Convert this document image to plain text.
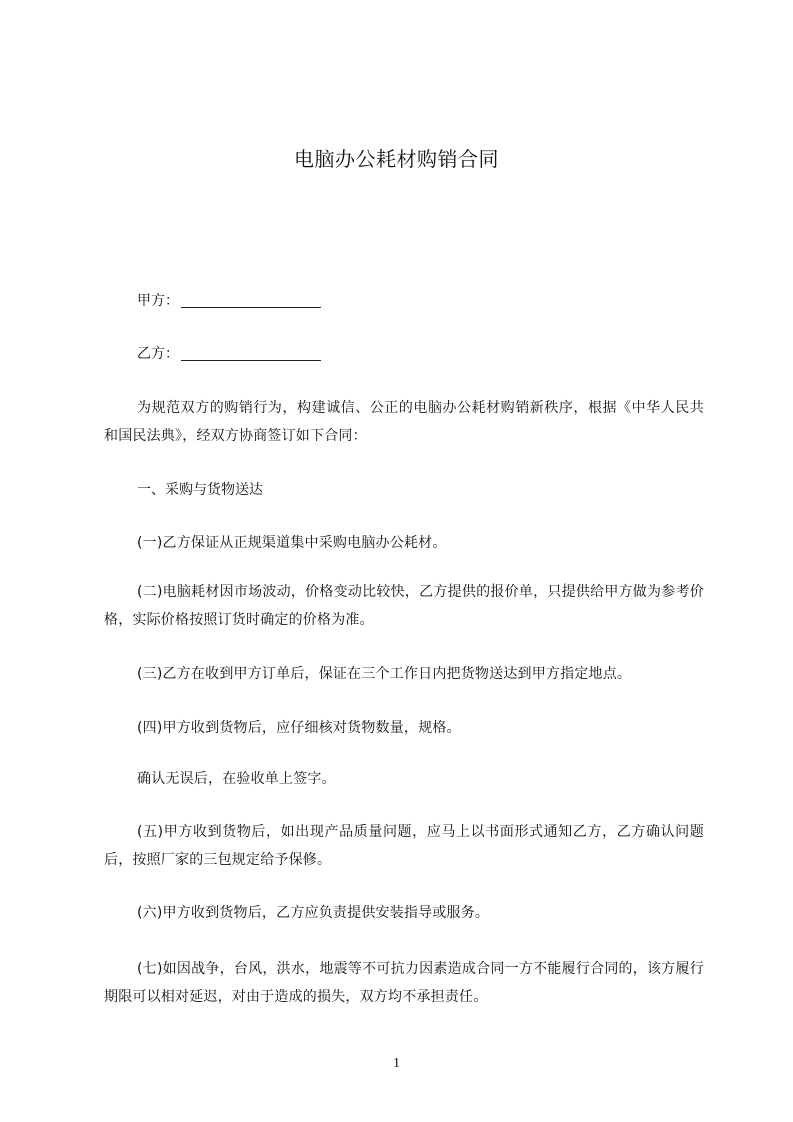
电脑办公耗材购销合同
甲方：
乙方：
为规范双方的购销行为，构建诚信、公正的电脑办公耗材购销新秩序，根据《中华人民共和国民法典》，经双方协商签订如下合同：
一、采购与货物送达
(一)乙方保证从正规渠道集中采购电脑办公耗材。
(二)电脑耗材因市场波动，价格变动比较快，乙方提供的报价单，只提供给甲方做为参考价格，实际价格按照订货时确定的价格为准。
(三)乙方在收到甲方订单后，保证在三个工作日内把货物送达到甲方指定地点。
(四)甲方收到货物后，应仔细核对货物数量，规格。
确认无误后，在验收单上签字。
(五)甲方收到货物后，如出现产品质量问题，应马上以书面形式通知乙方，乙方确认问题后，按照厂家的三包规定给予保修。
(六)甲方收到货物后，乙方应负责提供安装指导或服务。
(七)如因战争，台风，洪水，地震等不可抗力因素造成合同一方不能履行合同的，该方履行期限可以相对延迟，对由于造成的损失，双方均不承担责任。
1
